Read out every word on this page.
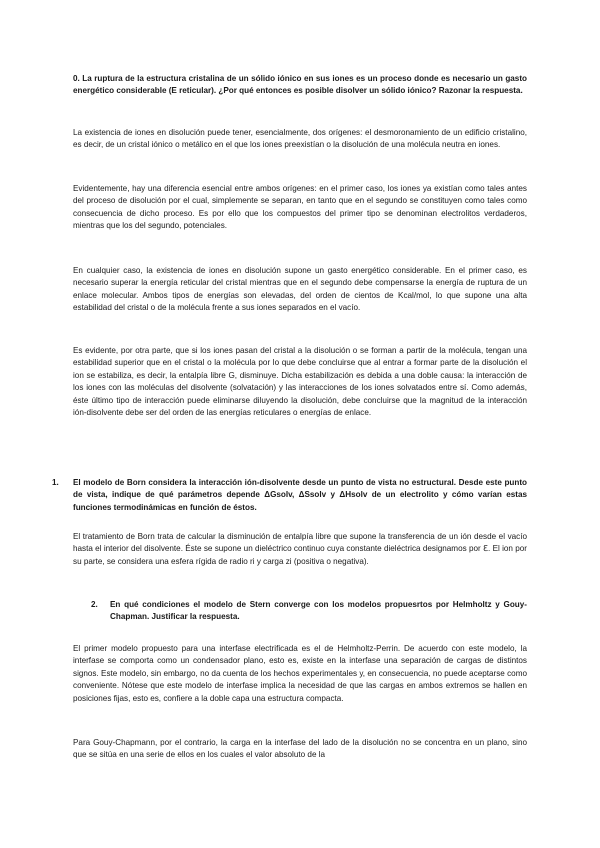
0. La ruptura de la estructura cristalina de un sólido iónico en sus iones es un proceso donde es necesario un gasto energético considerable (E reticular). ¿Por qué entonces es posible disolver un sólido iónico? Razonar la respuesta.

La existencia de iones en disolución puede tener, esencialmente, dos orígenes: el desmoronamiento de un edificio cristalino, es decir, de un cristal iónico o metálico en el que los iones preexistían o la disolución de una molécula neutra en iones.

Evidentemente, hay una diferencia esencial entre ambos orígenes: en el primer caso, los iones ya existían como tales antes del proceso de disolución por el cual, simplemente se separan, en tanto que en el segundo se constituyen como tales como consecuencia de dicho proceso. Es por ello que los compuestos del primer tipo se denominan electrolitos verdaderos, mientras que los del segundo, potenciales.

En cualquier caso, la existencia de iones en disolución supone un gasto energético considerable. En el primer caso, es necesario superar la energía reticular del cristal mientras que en el segundo debe compensarse la energía de ruptura de un enlace molecular. Ambos tipos de energías son elevadas, del orden de cientos de Kcal/mol, lo que supone una alta estabilidad del cristal o de la molécula frente a sus iones separados en el vacío.

Es evidente, por otra parte, que si los iones pasan del cristal a la disolución o se forman a partir de la molécula, tengan una estabilidad superior que en el cristal o la molécula por lo que debe concluirse que al entrar a formar parte de la disolución el ion se estabiliza, es decir, la entalpía libre G, disminuye. Dicha estabilización es debida a una doble causa: la interacción de los iones con las moléculas del disolvente (solvatación) y las interacciones de los iones solvatados entre sí. Como además, éste último tipo de interacción puede eliminarse diluyendo la disolución, debe concluirse que la magnitud de la interacción ión-disolvente debe ser del orden de las energías reticulares o energías de enlace.

1. El modelo de Born considera la interacción ión-disolvente desde un punto de vista no estructural. Desde este punto de vista, indique de qué parámetros depende ΔGsolv, ΔSsolv y ΔHsolv de un electrolito y cómo varían estas funciones termodinámicas en función de éstos.

El tratamiento de Born trata de calcular la disminución de entalpía libre que supone la transferencia de un ión desde el vacío hasta el interior del disolvente. Éste se supone un dieléctrico continuo cuya constante dieléctrica designamos por ℇ. El ion por su parte, se considera una esfera rígida de radio ri y carga zi (positiva o negativa).

2. En qué condiciones el modelo de Stern converge con los modelos propuesrtos por Helmholtz y Gouy-Chapman. Justificar la respuesta.

El primer modelo propuesto para una interfase electrificada es el de Helmholtz-Perrin. De acuerdo con este modelo, la interfase se comporta como un condensador plano, esto es, existe en la interfase una separación de cargas de distintos signos. Este modelo, sin embargo, no da cuenta de los hechos experimentales y, en consecuencia, no puede aceptarse como conveniente. Nótese que este modelo de interfase implica la necesidad de que las cargas en ambos extremos se hallen en posiciones fijas, esto es, confiere a la doble capa una estructura compacta.

Para Gouy-Chapmann, por el contrario, la carga en la interfase del lado de la disolución no se concentra en un plano, sino que se sitúa en una serie de ellos en los cuales el valor absoluto de la
